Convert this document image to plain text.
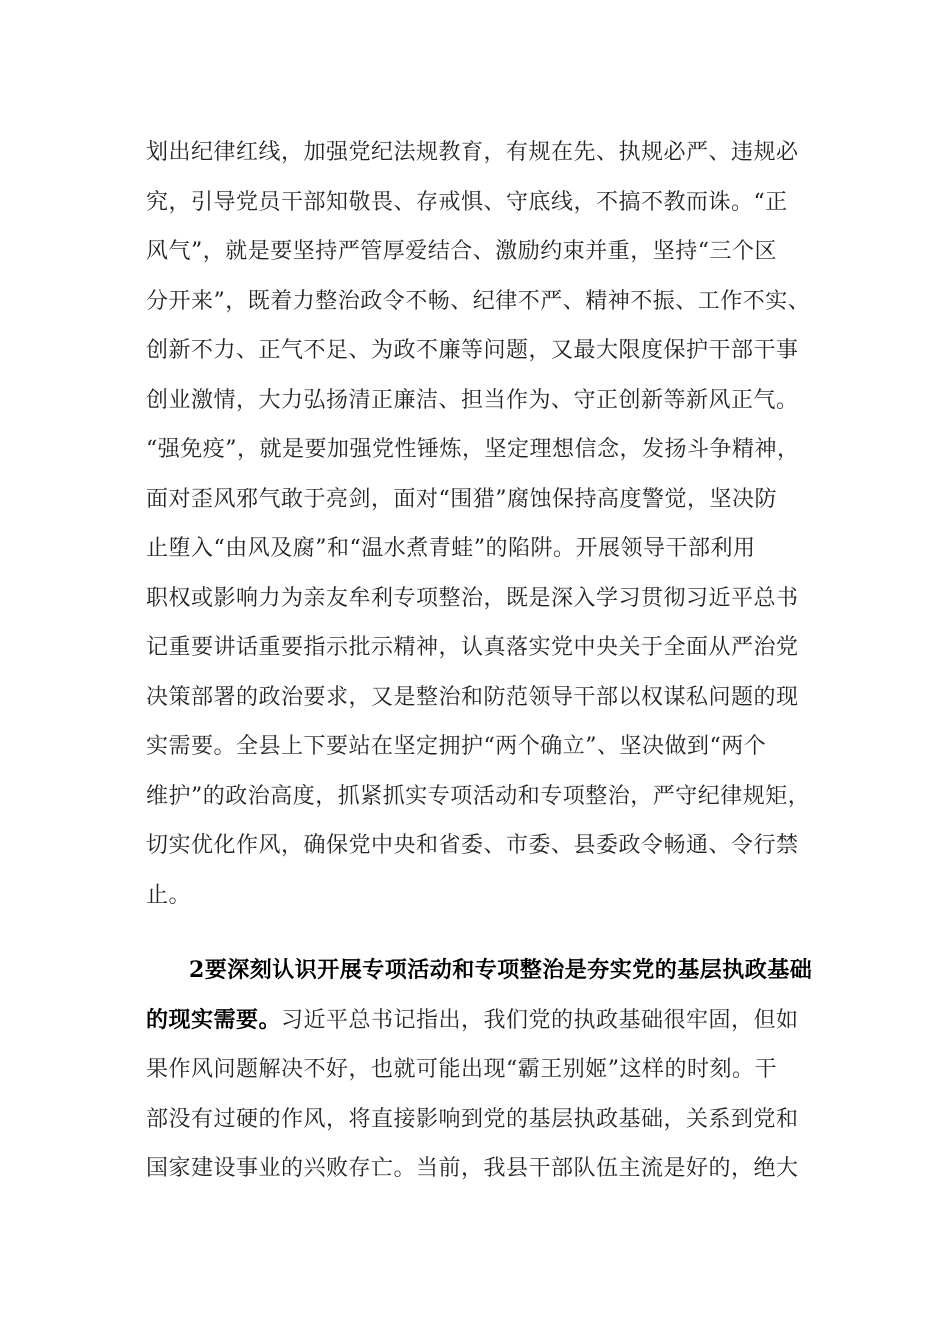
划出纪律红线，加强党纪法规教育，有规在先、执规必严、违规必
究，引导党员干部知敬畏、存戒惧、守底线，不搞不教而诛。“正
风气”，就是要坚持严管厚爱结合、激励约束并重，坚持“三个区
分开来”，既着力整治政令不畅、纪律不严、精神不振、工作不实、
创新不力、正气不足、为政不廉等问题，又最大限度保护干部干事
创业激情，大力弘扬清正廉洁、担当作为、守正创新等新风正气。
“强免疫”，就是要加强党性锤炼，坚定理想信念，发扬斗争精神，
面对歪风邪气敢于亮剑，面对“围猎”腐蚀保持高度警觉，坚决防
止堕入“由风及腐”和“温水煮青蛙”的陷阱。开展领导干部利用
职权或影响力为亲友牟利专项整治，既是深入学习贯彻习近平总书
记重要讲话重要指示批示精神，认真落实党中央关于全面从严治党
决策部署的政治要求，又是整治和防范领导干部以权谋私问题的现
实需要。全县上下要站在坚定拥护“两个确立”、坚决做到“两个
维护”的政治高度，抓紧抓实专项活动和专项整治，严守纪律规矩，
切实优化作风，确保党中央和省委、市委、县委政令畅通、令行禁
止。
2要深刻认识开展专项活动和专项整治是夯实党的基层执政基础
的现实需要。习近平总书记指出，我们党的执政基础很牢固，但如
果作风问题解决不好，也就可能出现“霸王别姬”这样的时刻。干
部没有过硬的作风，将直接影响到党的基层执政基础，关系到党和
国家建设事业的兴败存亡。当前，我县干部队伍主流是好的，绝大
